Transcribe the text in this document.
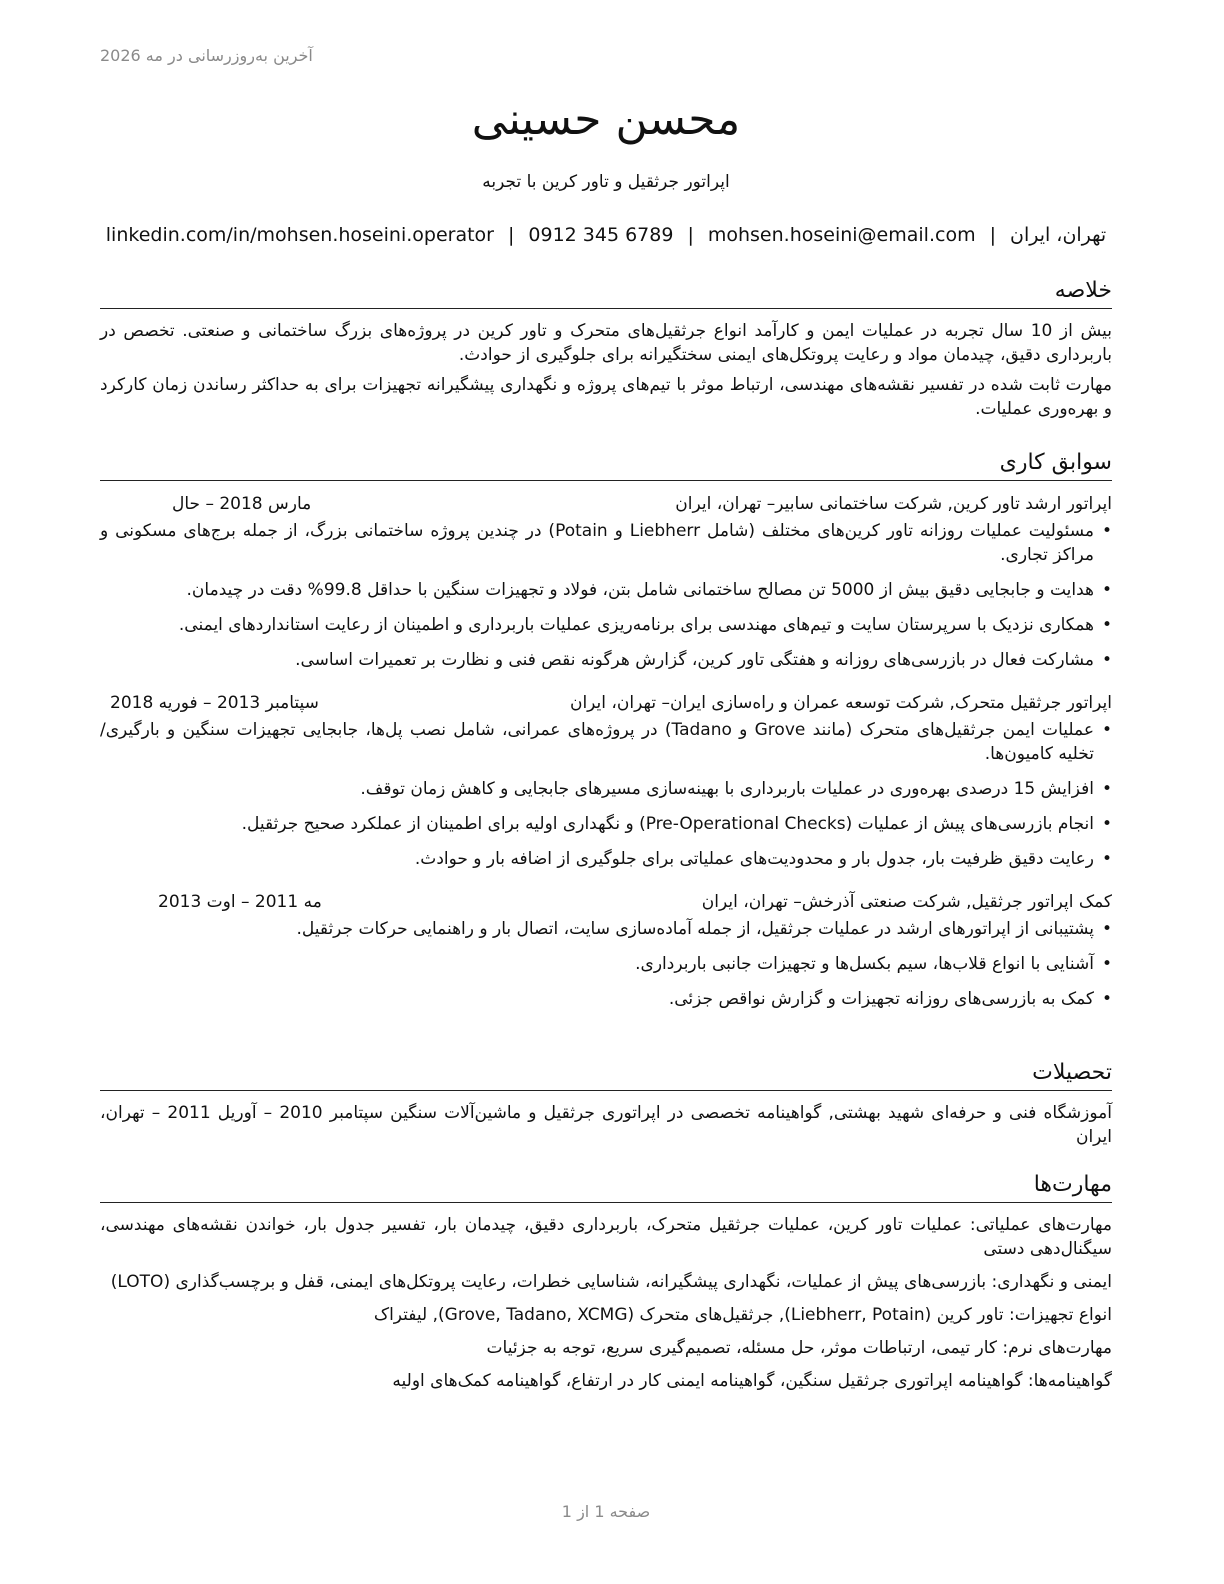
آخرین به‌روزرسانی در مه 2026
محسن حسینی
اپراتور جرثقیل و تاور کرین با تجربه
تهران، ایران|mohsen.hoseini@email.com|0912 345 6789|linkedin.com/in/mohsen.hoseini.operator
خلاصه

بیش از 10 سال تجربه در عملیات ایمن و کارآمد انواع جرثقیل‌های متحرک و تاور کرین در پروژه‌های بزرگ ساختمانی و صنعتی. تخصص در باربرداری دقیق، چیدمان مواد و رعایت پروتکل‌های ایمنی سختگیرانه برای جلوگیری از حوادث.

مهارت ثابت شده در تفسیر نقشه‌های مهندسی، ارتباط موثر با تیم‌های پروژه و نگهداری پیشگیرانه تجهیزات برای به حداکثر رساندن زمان کارکرد و بهره‌وری عملیات.

سوابق کاری
اپراتور ارشد تاور کرین, شرکت ساختمانی سابیر
– تهران، ایران
مارس 2018 – حال
• مسئولیت عملیات روزانه تاور کرین‌های مختلف (شامل Liebherr و Potain) در چندین پروژه ساختمانی بزرگ، از جمله برج‌های مسکونی و مراکز تجاری.
• هدایت و جابجایی دقیق بیش از 5000 تن مصالح ساختمانی شامل بتن، فولاد و تجهیزات سنگین با حداقل 99.8% دقت در چیدمان.
• همکاری نزدیک با سرپرستان سایت و تیم‌های مهندسی برای برنامه‌ریزی عملیات باربرداری و اطمینان از رعایت استانداردهای ایمنی.
• مشارکت فعال در بازرسی‌های روزانه و هفتگی تاور کرین، گزارش هرگونه نقص فنی و نظارت بر تعمیرات اساسی.
اپراتور جرثقیل متحرک, شرکت توسعه عمران و راه‌سازی ایران
– تهران، ایران
سپتامبر 2013 – فوریه 2018
• عملیات ایمن جرثقیل‌های متحرک (مانند Grove و Tadano) در پروژه‌های عمرانی، شامل نصب پل‌ها، جابجایی تجهیزات سنگین و بارگیری/تخلیه کامیون‌ها.
• افزایش 15 درصدی بهره‌وری در عملیات باربرداری با بهینه‌سازی مسیرهای جابجایی و کاهش زمان توقف.
• انجام بازرسی‌های پیش از عملیات (Pre-Operational Checks) و نگهداری اولیه برای اطمینان از عملکرد صحیح جرثقیل.
• رعایت دقیق ظرفیت بار، جدول بار و محدودیت‌های عملیاتی برای جلوگیری از اضافه بار و حوادث.
کمک اپراتور جرثقیل, شرکت صنعتی آذرخش
– تهران، ایران
مه 2011 – اوت 2013
• پشتیبانی از اپراتورهای ارشد در عملیات جرثقیل، از جمله آماده‌سازی سایت، اتصال بار و راهنمایی حرکات جرثقیل.
• آشنایی با انواع قلاب‌ها، سیم بکسل‌ها و تجهیزات جانبی باربرداری.
• کمک به بازرسی‌های روزانه تجهیزات و گزارش نواقص جزئی.
تحصیلات

آموزشگاه فنی و حرفه‌ای شهید بهشتی, گواهینامه تخصصی در اپراتوری جرثقیل و ماشین‌آلات سنگین سپتامبر 2010 – آوریل 2011 – تهران، ایران

مهارت‌ها
مهارت‌های عملیاتی: عملیات تاور کرین، عملیات جرثقیل متحرک، باربرداری دقیق، چیدمان بار، تفسیر جدول بار، خواندن نقشه‌های مهندسی، سیگنال‌دهی دستی
ایمنی و نگهداری: بازرسی‌های پیش از عملیات، نگهداری پیشگیرانه، شناسایی خطرات، رعایت پروتکل‌های ایمنی، قفل و برچسب‌گذاری (LOTO)
انواع تجهیزات: تاور کرین (Liebherr, Potain), جرثقیل‌های متحرک (Grove, Tadano, XCMG), لیفتراک
مهارت‌های نرم: کار تیمی، ارتباطات موثر، حل مسئله، تصمیم‌گیری سریع، توجه به جزئیات
گواهینامه‌ها: گواهینامه اپراتوری جرثقیل سنگین، گواهینامه ایمنی کار در ارتفاع، گواهینامه کمک‌های اولیه
صفحه 1 از 1
